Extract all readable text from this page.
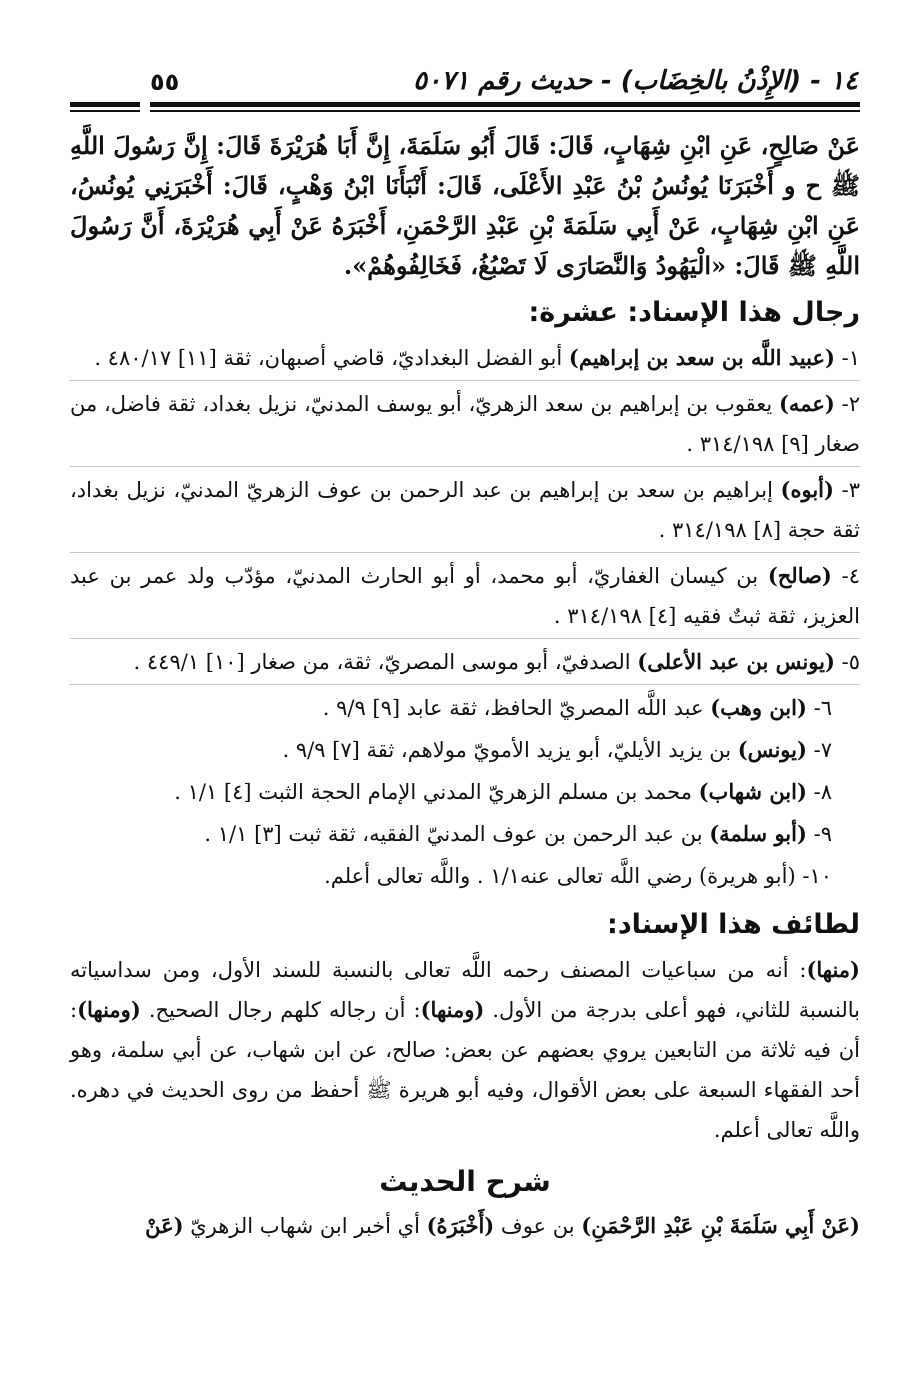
١٤ - (الإِذْنُ بالخِضَاب) - حديث رقم ٥٠٧١
٥٥
عَنْ صَالِحٍ، عَنِ ابْنِ شِهَابٍ، قَالَ: قَالَ أَبُو سَلَمَةَ، إِنَّ أَبَا هُرَيْرَةَ قَالَ: إِنَّ رَسُولَ اللَّهِ ﷺ ح و أَخْبَرَنَا يُونُسُ بْنُ عَبْدِ الأَعْلَى، قَالَ: أَنْبَأَنَا ابْنُ وَهْبٍ، قَالَ: أَخْبَرَنِي يُونُسُ، عَنِ ابْنِ شِهَابٍ، عَنْ أَبِي سَلَمَةَ بْنِ عَبْدِ الرَّحْمَنِ، أَخْبَرَهُ عَنْ أَبِي هُرَيْرَةَ، أَنَّ رَسُولَ اللَّهِ ﷺ قَالَ: «الْيَهُودُ وَالنَّصَارَى لَا تَصْبُغُ، فَخَالِفُوهُمْ».
رجال هذا الإسناد: عشرة:
١- (عبيد اللَّه بن سعد بن إبراهيم) أبو الفضل البغداديّ، قاضي أصبهان، ثقة [١١] ٤٨٠/١٧ .
٢- (عمه) يعقوب بن إبراهيم بن سعد الزهريّ، أبو يوسف المدنيّ، نزيل بغداد، ثقة فاضل، من صغار [٩] ٣١٤/١٩٨ .
٣- (أبوه) إبراهيم بن سعد بن إبراهيم بن عبد الرحمن بن عوف الزهريّ المدنيّ، نزيل بغداد، ثقة حجة [٨] ٣١٤/١٩٨ .
٤- (صالح) بن كيسان الغفاريّ، أبو محمد، أو أبو الحارث المدنيّ، مؤدّب ولد عمر بن عبد العزيز، ثقة ثبتٌ فقيه [٤] ٣١٤/١٩٨ .
٥- (يونس بن عبد الأعلى) الصدفيّ، أبو موسى المصريّ، ثقة، من صغار [١٠] ٤٤٩/١ .
٦- (ابن وهب) عبد اللَّه المصريّ الحافظ، ثقة عابد [٩] ٩/٩ .
٧- (يونس) بن يزيد الأيليّ، أبو يزيد الأمويّ مولاهم، ثقة [٧] ٩/٩ .
٨- (ابن شهاب) محمد بن مسلم الزهريّ المدني الإمام الحجة الثبت [٤] ١/١ .
٩- (أبو سلمة) بن عبد الرحمن بن عوف المدنيّ الفقيه، ثقة ثبت [٣] ١/١ .
١٠- (أبو هريرة) رضي اللَّه تعالى عنه١/١ . واللَّه تعالى أعلم.
لطائف هذا الإسناد:
(منها): أنه من سباعيات المصنف رحمه اللَّه تعالى بالنسبة للسند الأول، ومن سداسياته بالنسبة للثاني، فهو أعلى بدرجة من الأول. (ومنها): أن رجاله كلهم رجال الصحيح. (ومنها): أن فيه ثلاثة من التابعين يروي بعضهم عن بعض: صالح، عن ابن شهاب، عن أبي سلمة، وهو أحد الفقهاء السبعة على بعض الأقوال، وفيه أبو هريرة ﷺ أحفظ من روى الحديث في دهره. واللَّه تعالى أعلم.
شرح الحديث
(عَنْ أَبِي سَلَمَةَ بْنِ عَبْدِ الرَّحْمَنِ) بن عوف (أَخْبَرَهُ) أي أخبر ابن شهاب الزهريّ (عَنْ
